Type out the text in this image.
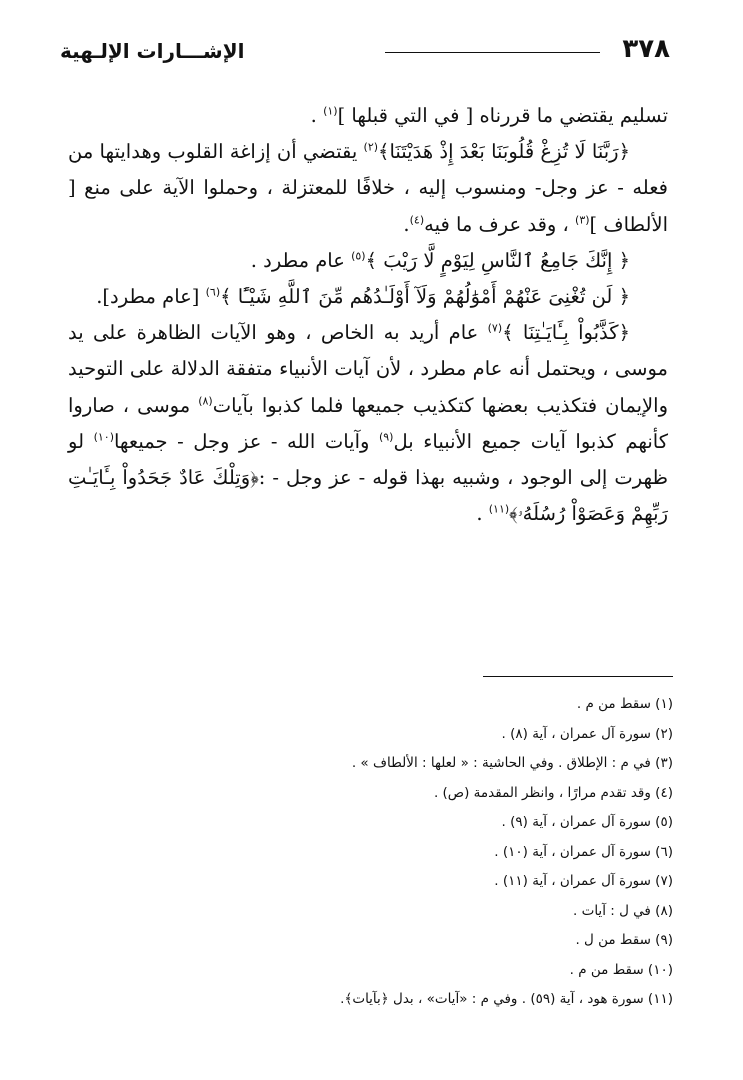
٣٧٨
الإشـــارات الإلـهية

تسليم يقتضي ما قررناه [ في التي قبلها ]$^{(١)}$ .

﴿رَبَّنَا لَا تُزِغْ قُلُوبَنَا بَعْدَ إِذْ هَدَيْتَنَا﴾$^{(٢)}$ يقتضي أن إزاغة القلوب وهدايتها من فعله - عز وجل- ومنسوب إليه ، خلافًا للمعتزلة ، وحملوا الآية على منع [ الألطاف ]$^{(٣)}$ ، وقد عرف ما فيه$^{(٤)}$.

﴿ إِنَّكَ جَامِعُ ٱلنَّاسِ لِيَوْمٍ لَّا رَيْبَ ﴾$^{(٥)}$ عام مطرد .

﴿ لَن تُغْنِىَ عَنْهُمْ أَمْوَٰلُهُمْ وَلَآ أَوْلَـٰدُهُم مِّنَ ٱللَّهِ شَيْـًٔا ﴾$^{(٦)}$ [عام مطرد].

﴿كَذَّبُواْ بِـَٔايَـٰتِنَا ﴾$^{(٧)}$ عام أريد به الخاص ، وهو الآيات الظاهرة على يد موسى ، ويحتمل أنه عام مطرد ، لأن آيات الأنبياء متفقة الدلالة على التوحيد والإيمان فتكذيب بعضها كتكذيب جميعها فلما كذبوا بآيات$^{(٨)}$ موسى ، صاروا كأنهم كذبوا آيات جميع الأنبياء بل$^{(٩)}$ وآيات الله - عز وجل - جميعها$^{(١٠)}$ لو ظهرت إلى الوجود ، وشبيه بهذا قوله - عز وجل - :﴿وَتِلْكَ عَادٌ جَحَدُواْ بِـَٔايَـٰتِ رَبِّهِمْ وَعَصَوْاْ رُسُلَهُۥ﴾$^{(١١)}$ .

(١) سقط من م .
(٢) سورة آل عمران ، آية (٨) .
(٣) في م : الإطلاق . وفي الحاشية : « لعلها : الألطاف » .
(٤) وقد تقدم مرارًا ، وانظر المقدمة (ص) .
(٥) سورة آل عمران ، آية (٩) .
(٦) سورة آل عمران ، آية (١٠) .
(٧) سورة آل عمران ، آية (١١) .
(٨) في ل : آيات .
(٩) سقط من ل .
(١٠) سقط من م .
(١١) سورة هود ، آية (٥٩) . وفي م : «آيات» ، بدل ﴿بآيات﴾.
